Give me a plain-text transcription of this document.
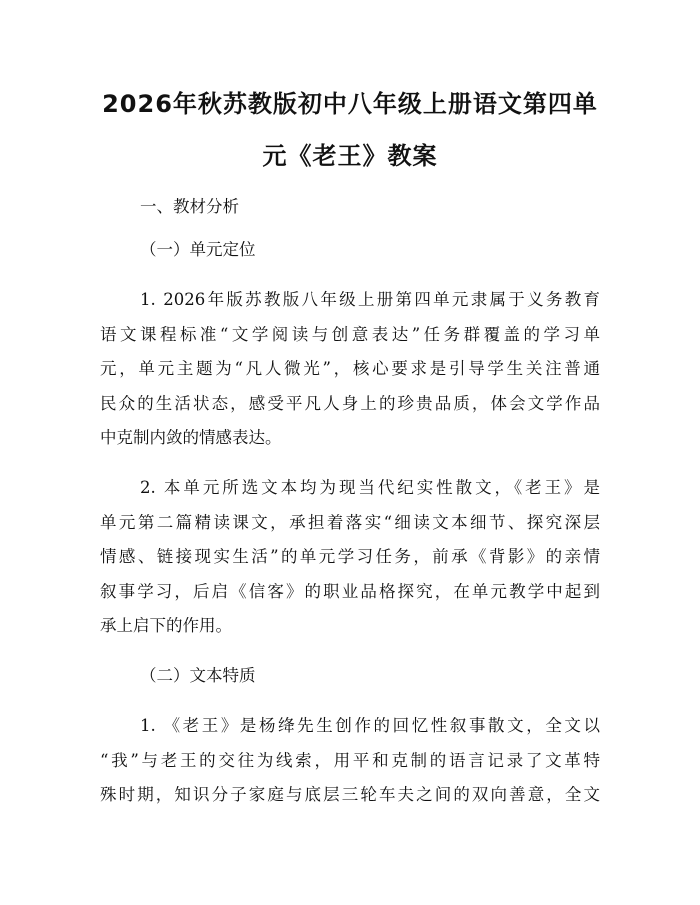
2026年秋苏教版初中八年级上册语文第四单
元《老王》教案

一、教材分析

（一）单元定位

1. 2026年版苏教版八年级上册第四单元隶属于义务教育
语文课程标准“文学阅读与创意表达”任务群覆盖的学习单
元，单元主题为“凡人微光”，核心要求是引导学生关注普通
民众的生活状态，感受平凡人身上的珍贵品质，体会文学作品
中克制内敛的情感表达。
2. 本单元所选文本均为现当代纪实性散文，《老王》是
单元第二篇精读课文，承担着落实“细读文本细节、探究深层
情感、链接现实生活”的单元学习任务，前承《背影》的亲情
叙事学习，后启《信客》的职业品格探究，在单元教学中起到
承上启下的作用。

（二）文本特质

1. 《老王》是杨绛先生创作的回忆性叙事散文，全文以
“我”与老王的交往为线索，用平和克制的语言记录了文革特
殊时期，知识分子家庭与底层三轮车夫之间的双向善意，全文
